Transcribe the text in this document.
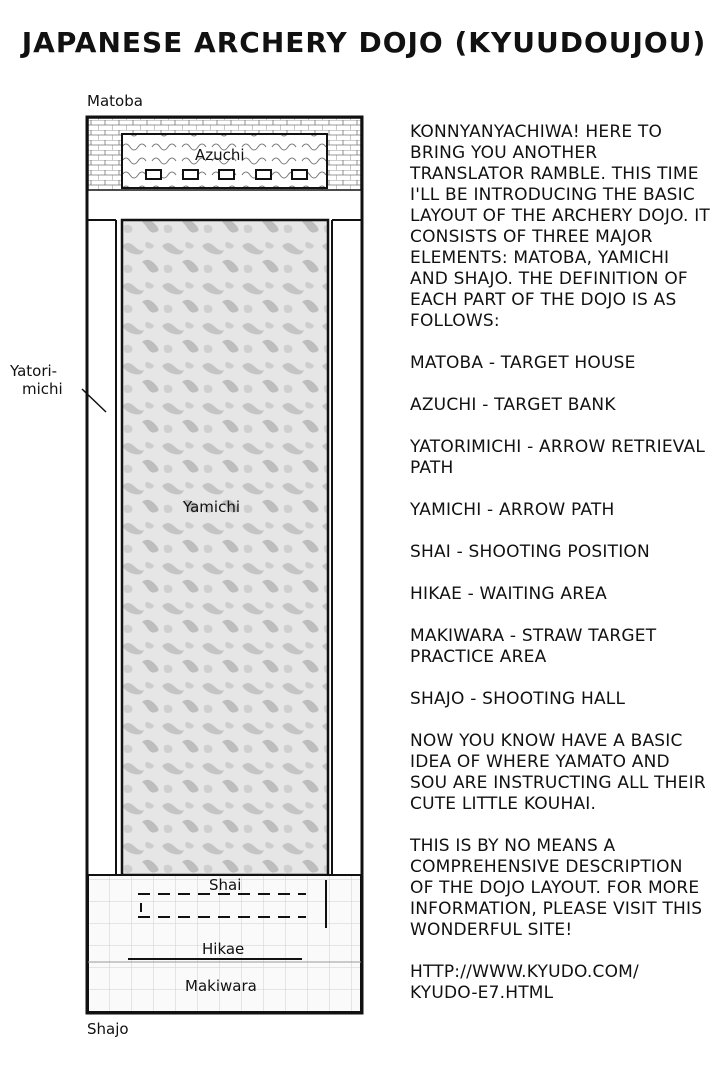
JAPANESE ARCHERY DOJO (KYUUDOUJOU)
Matoba
Azuchi
Yatori-
michi
Yamichi
Shai
Hikae
Makiwara
Shajo

KONNYANYACHIWA! HERE TO BRING YOU ANOTHER TRANSLATOR RAMBLE. THIS TIME I'LL BE INTRODUCING THE BASIC LAYOUT OF THE ARCHERY DOJO. IT CONSISTS OF THREE MAJOR ELEMENTS: MATOBA, YAMICHI AND SHAJO. THE DEFINITION OF EACH PART OF THE DOJO IS AS FOLLOWS:

MATOBA - TARGET HOUSE

AZUCHI - TARGET BANK

YATORIMICHI - ARROW RETRIEVAL PATH

YAMICHI - ARROW PATH

SHAI - SHOOTING POSITION

HIKAE - WAITING AREA

MAKIWARA - STRAW TARGET PRACTICE AREA

SHAJO - SHOOTING HALL

NOW YOU KNOW HAVE A BASIC IDEA OF WHERE YAMATO AND SOU ARE INSTRUCTING ALL THEIR CUTE LITTLE KOUHAI.

THIS IS BY NO MEANS A COMPREHENSIVE DESCRIPTION OF THE DOJO LAYOUT. FOR MORE INFORMATION, PLEASE VISIT THIS WONDERFUL SITE!

HTTP://WWW.KYUDO.COM/ KYUDO-E7.HTML
